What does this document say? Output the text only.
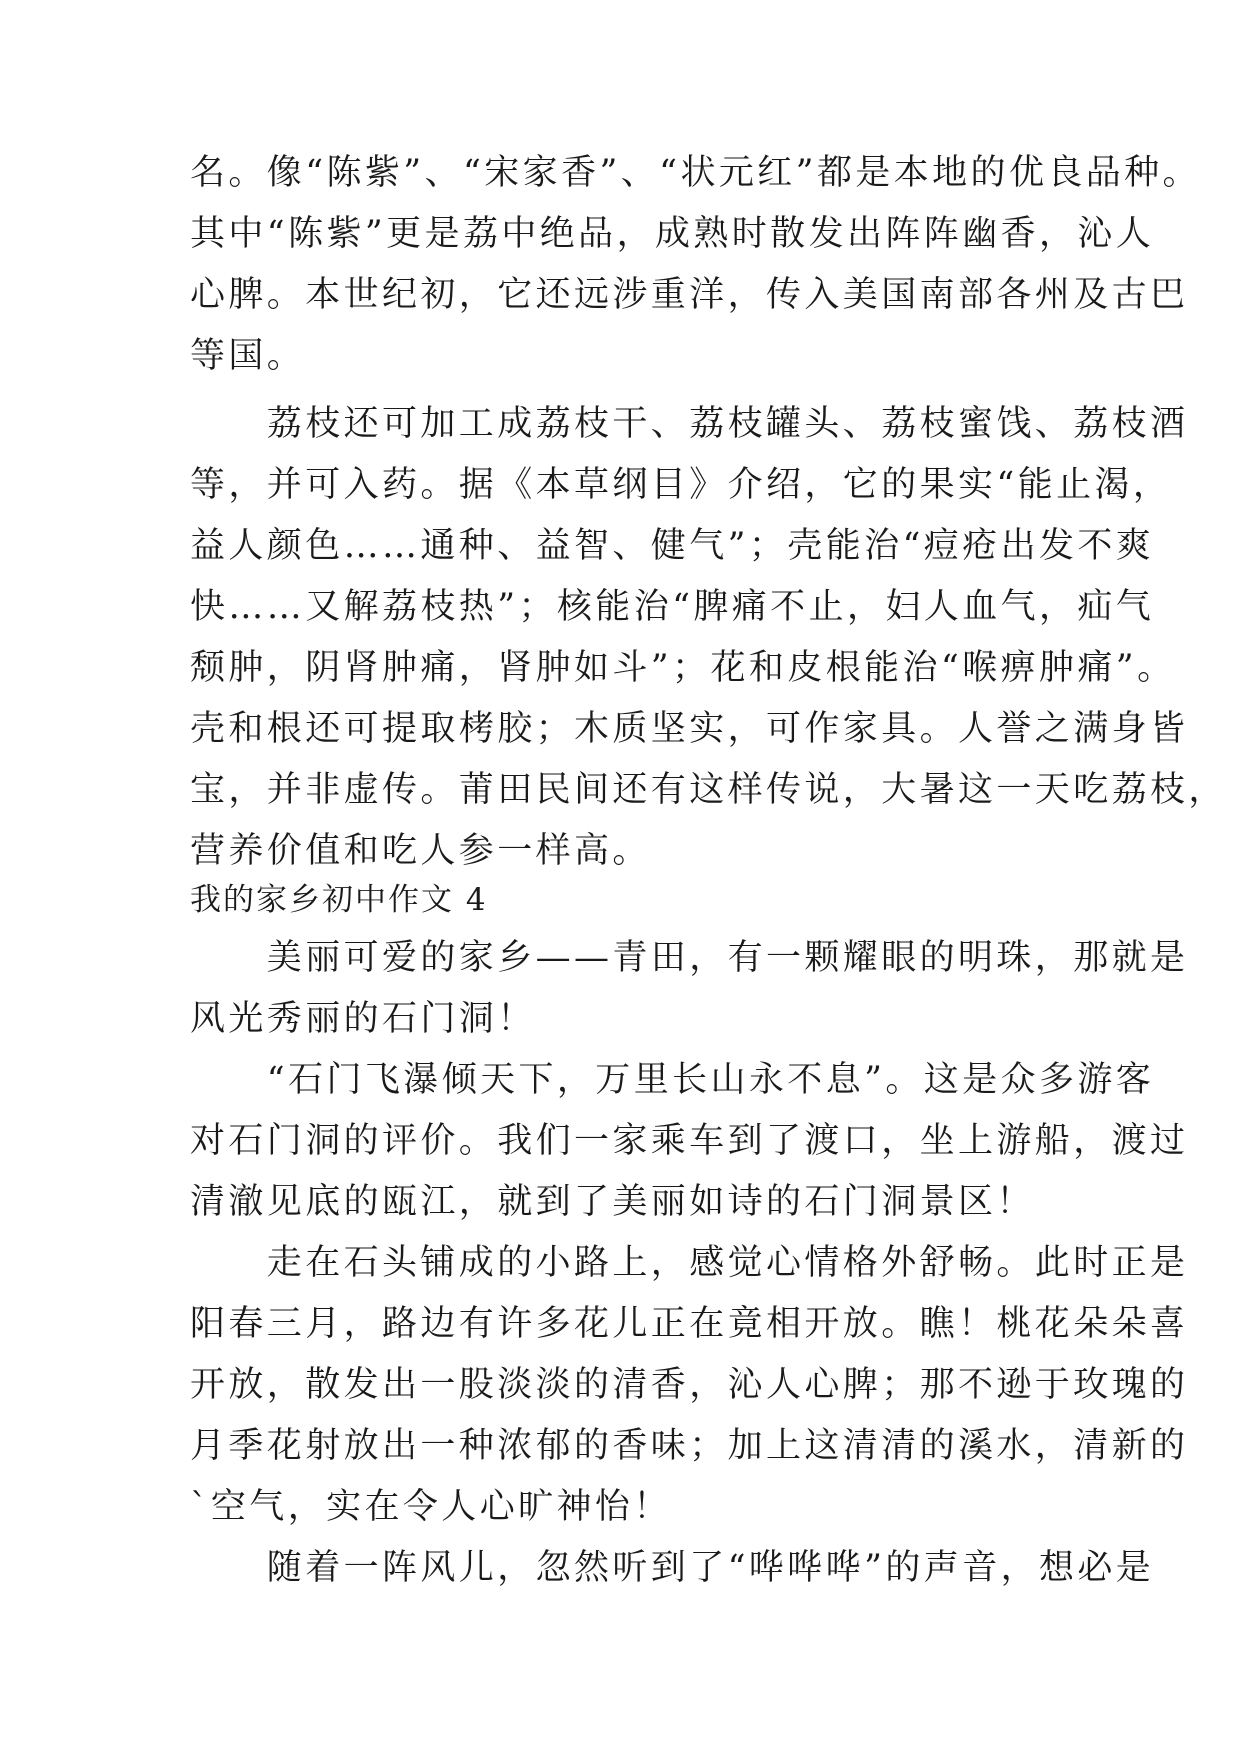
名。像“陈紫”、“宋家香”、“状元红”都是本地的优良品种。
其中“陈紫”更是荔中绝品，成熟时散发出阵阵幽香，沁人
心脾。本世纪初，它还远涉重洋，传入美国南部各州及古巴
等国。
　　荔枝还可加工成荔枝干、荔枝罐头、荔枝蜜饯、荔枝酒
等，并可入药。据《本草纲目》介绍，它的果实“能止渴，
益人颜色……通种、益智、健气”；壳能治“痘疮出发不爽
快……又解荔枝热”；核能治“脾痛不止，妇人血气，疝气
颓肿，阴肾肿痛，肾肿如斗”；花和皮根能治“喉痹肿痛”。
壳和根还可提取栲胶；木质坚实，可作家具。人誉之满身皆
宝，并非虚传。莆田民间还有这样传说，大暑这一天吃荔枝，
营养价值和吃人参一样高。
我的家乡初中作文 4
　　美丽可爱的家乡——青田，有一颗耀眼的明珠，那就是
风光秀丽的石门洞！
　　“石门飞瀑倾天下，万里长山永不息”。这是众多游客
对石门洞的评价。我们一家乘车到了渡口，坐上游船，渡过
清澈见底的瓯江，就到了美丽如诗的石门洞景区！
　　走在石头铺成的小路上，感觉心情格外舒畅。此时正是
阳春三月，路边有许多花儿正在竟相开放。瞧！桃花朵朵喜
开放，散发出一股淡淡的清香，沁人心脾；那不逊于玫瑰的
月季花射放出一种浓郁的香味；加上这清清的溪水，清新的
`空气，实在令人心旷神怡！
　　随着一阵风儿，忽然听到了“哗哗哗”的声音，想必是
